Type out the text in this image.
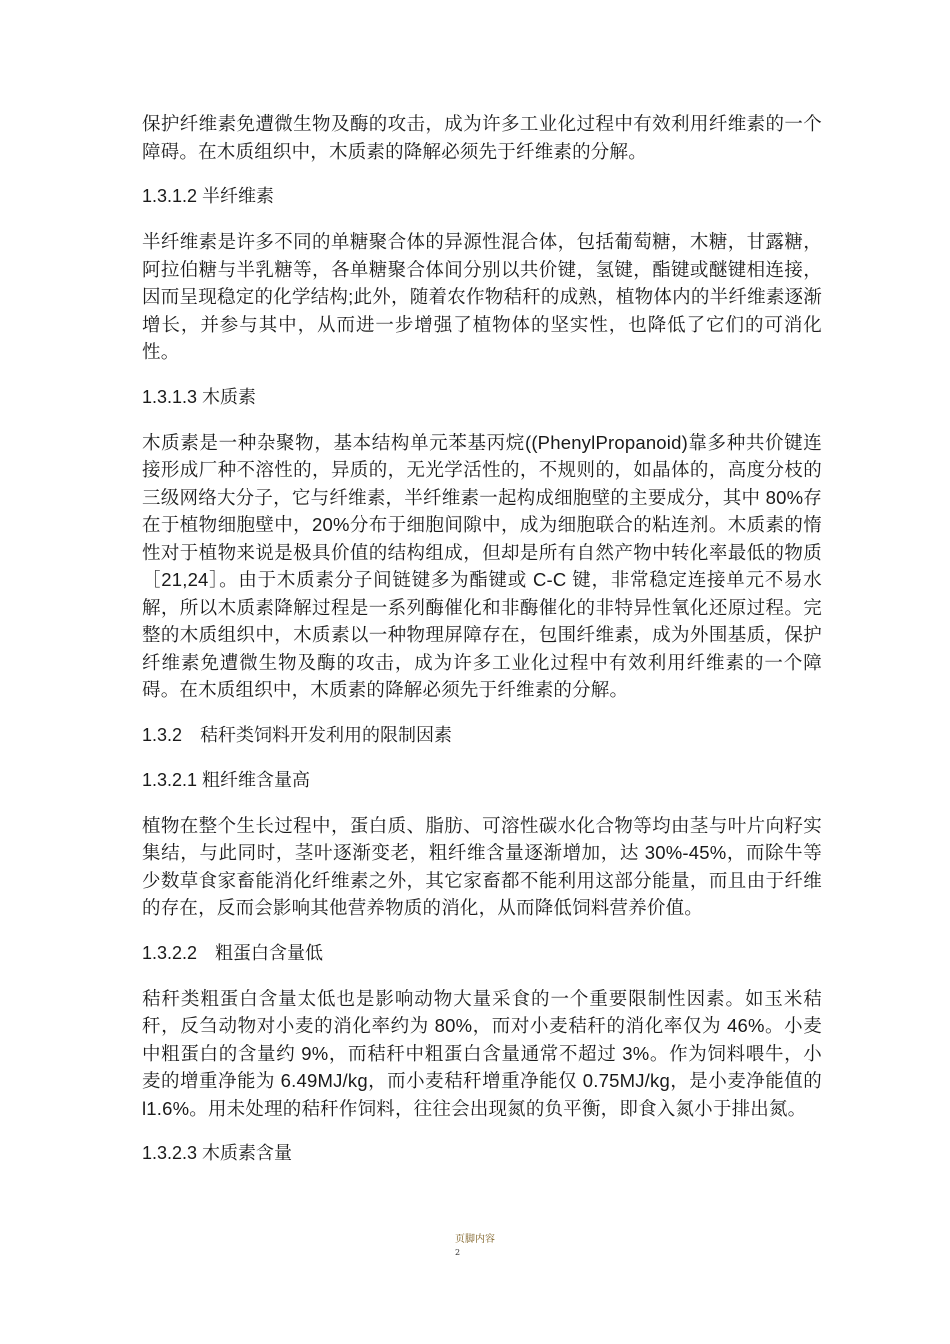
保护纤维素免遭微生物及酶的攻击，成为许多工业化过程中有效利用纤维素的一个障碍。在木质组织中，木质素的降解必须先于纤维素的分解。

1.3.1.2 半纤维素

半纤维素是许多不同的单糖聚合体的异源性混合体，包括葡萄糖，木糖，甘露糖，阿拉伯糖与半乳糖等，各单糖聚合体间分别以共价键，氢键，酯键或醚键相连接，因而呈现稳定的化学结构;此外，随着农作物秸秆的成熟，植物体内的半纤维素逐渐增长，并参与其中，从而进一步增强了植物体的坚实性，也降低了它们的可消化性。

1.3.1.3 木质素

木质素是一种杂聚物，基本结构单元苯基丙烷((PhenylPropanoid)靠多种共价键连接形成厂种不溶性的，异质的，无光学活性的，不规则的，如晶体的，高度分枝的三级网络大分子，它与纤维素，半纤维素一起构成细胞壁的主要成分，其中 80%存在于植物细胞壁中，20%分布于细胞间隙中，成为细胞联合的粘连剂。木质素的惰性对于植物来说是极具价值的结构组成，但却是所有自然产物中转化率最低的物质［21,24］。由于木质素分子间链键多为酯键或 C-C 键，非常稳定连接单元不易水解，所以木质素降解过程是一系列酶催化和非酶催化的非特异性氧化还原过程。完整的木质组织中，木质素以一种物理屏障存在，包围纤维素，成为外围基质，保护纤维素免遭微生物及酶的攻击，成为许多工业化过程中有效利用纤维素的一个障碍。在木质组织中，木质素的降解必须先于纤维素的分解。

1.3.2　秸秆类饲料开发利用的限制因素
1.3.2.1 粗纤维含量高

植物在整个生长过程中，蛋白质、脂肪、可溶性碳水化合物等均由茎与叶片向籽实集结，与此同时，茎叶逐渐变老，粗纤维含量逐渐增加，达 30%-45%，而除牛等少数草食家畜能消化纤维素之外，其它家畜都不能利用这部分能量，而且由于纤维的存在，反而会影响其他营养物质的消化，从而降低饲料营养价值。

1.3.2.2　粗蛋白含量低

秸秆类粗蛋白含量太低也是影响动物大量采食的一个重要限制性因素。如玉米秸秆，反刍动物对小麦的消化率约为 80%，而对小麦秸秆的消化率仅为 46%。小麦中粗蛋白的含量约 9%，而秸秆中粗蛋白含量通常不超过 3%。作为饲料喂牛，小麦的增重净能为 6.49MJ/kg，而小麦秸秆增重净能仅 0.75MJ/kg，是小麦净能值的 l1.6%。用未处理的秸秆作饲料，往往会出现氮的负平衡，即食入氮小于排出氮。

1.3.2.3 木质素含量
页脚内容$^2$
